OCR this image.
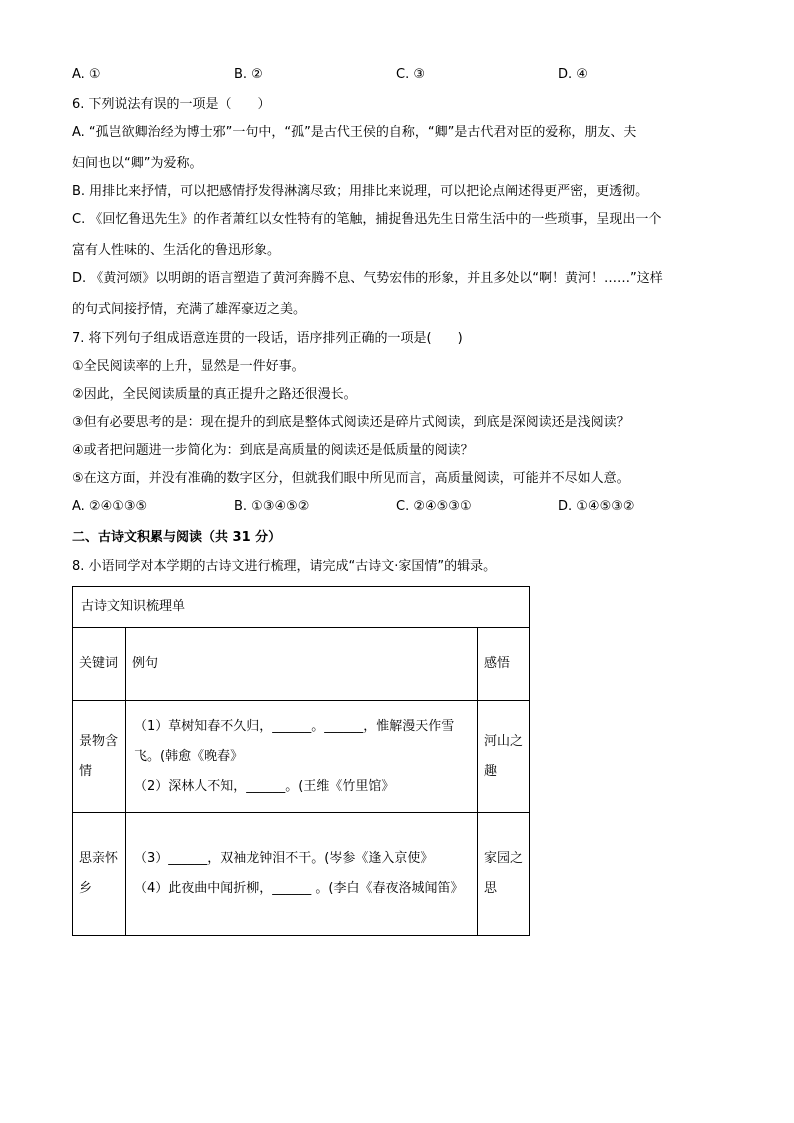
A. ①	B. ②	C. ③	D. ④

6. 下列说法有误的一项是（　　）

A. “孤岂欲卿治经为博士邪”一句中，“孤”是古代王侯的自称，“卿”是古代君对臣的爱称，朋友、夫

妇间也以“卿”为爱称。

B. 用排比来抒情，可以把感情抒发得淋漓尽致；用排比来说理，可以把论点阐述得更严密，更透彻。

C. 《回忆鲁迅先生》的作者萧红以女性特有的笔触，捕捉鲁迅先生日常生活中的一些琐事，呈现出一个

富有人性味的、生活化的鲁迅形象。

D. 《黄河颂》以明朗的语言塑造了黄河奔腾不息、气势宏伟的形象，并且多处以“啊！黄河！……”这样

的句式间接抒情，充满了雄浑豪迈之美。

7. 将下列句子组成语意连贯的一段话，语序排列正确的一项是(　　)

①全民阅读率的上升，显然是一件好事。

②因此，全民阅读质量的真正提升之路还很漫长。

③但有必要思考的是：现在提升的到底是整体式阅读还是碎片式阅读，到底是深阅读还是浅阅读？

④或者把问题进一步简化为：到底是高质量的阅读还是低质量的阅读？

⑤在这方面，并没有准确的数字区分，但就我们眼中所见而言，高质量阅读，可能并不尽如人意。

A. ②④①③⑤	B. ①③④⑤②	C. ②④⑤③①	D. ①④⑤③②

二、古诗文积累与阅读（共 31 分）

8. 小语同学对本学期的古诗文进行梳理，请完成“古诗文·家国情”的辑录。

古诗文知识梳理单		
关键词	例句	感悟
景物含情	（1）草树知春不久归，______。______，惟解漫天作雪飞。(韩愈《晚春》
（2）深林人不知，______。(王维《竹里馆》	河山之趣
思亲怀乡	（3）______，双袖龙钟泪不干。(岑参《逢入京使》
（4）此夜曲中闻折柳，______ 。(李白《春夜洛城闻笛》	家园之思
